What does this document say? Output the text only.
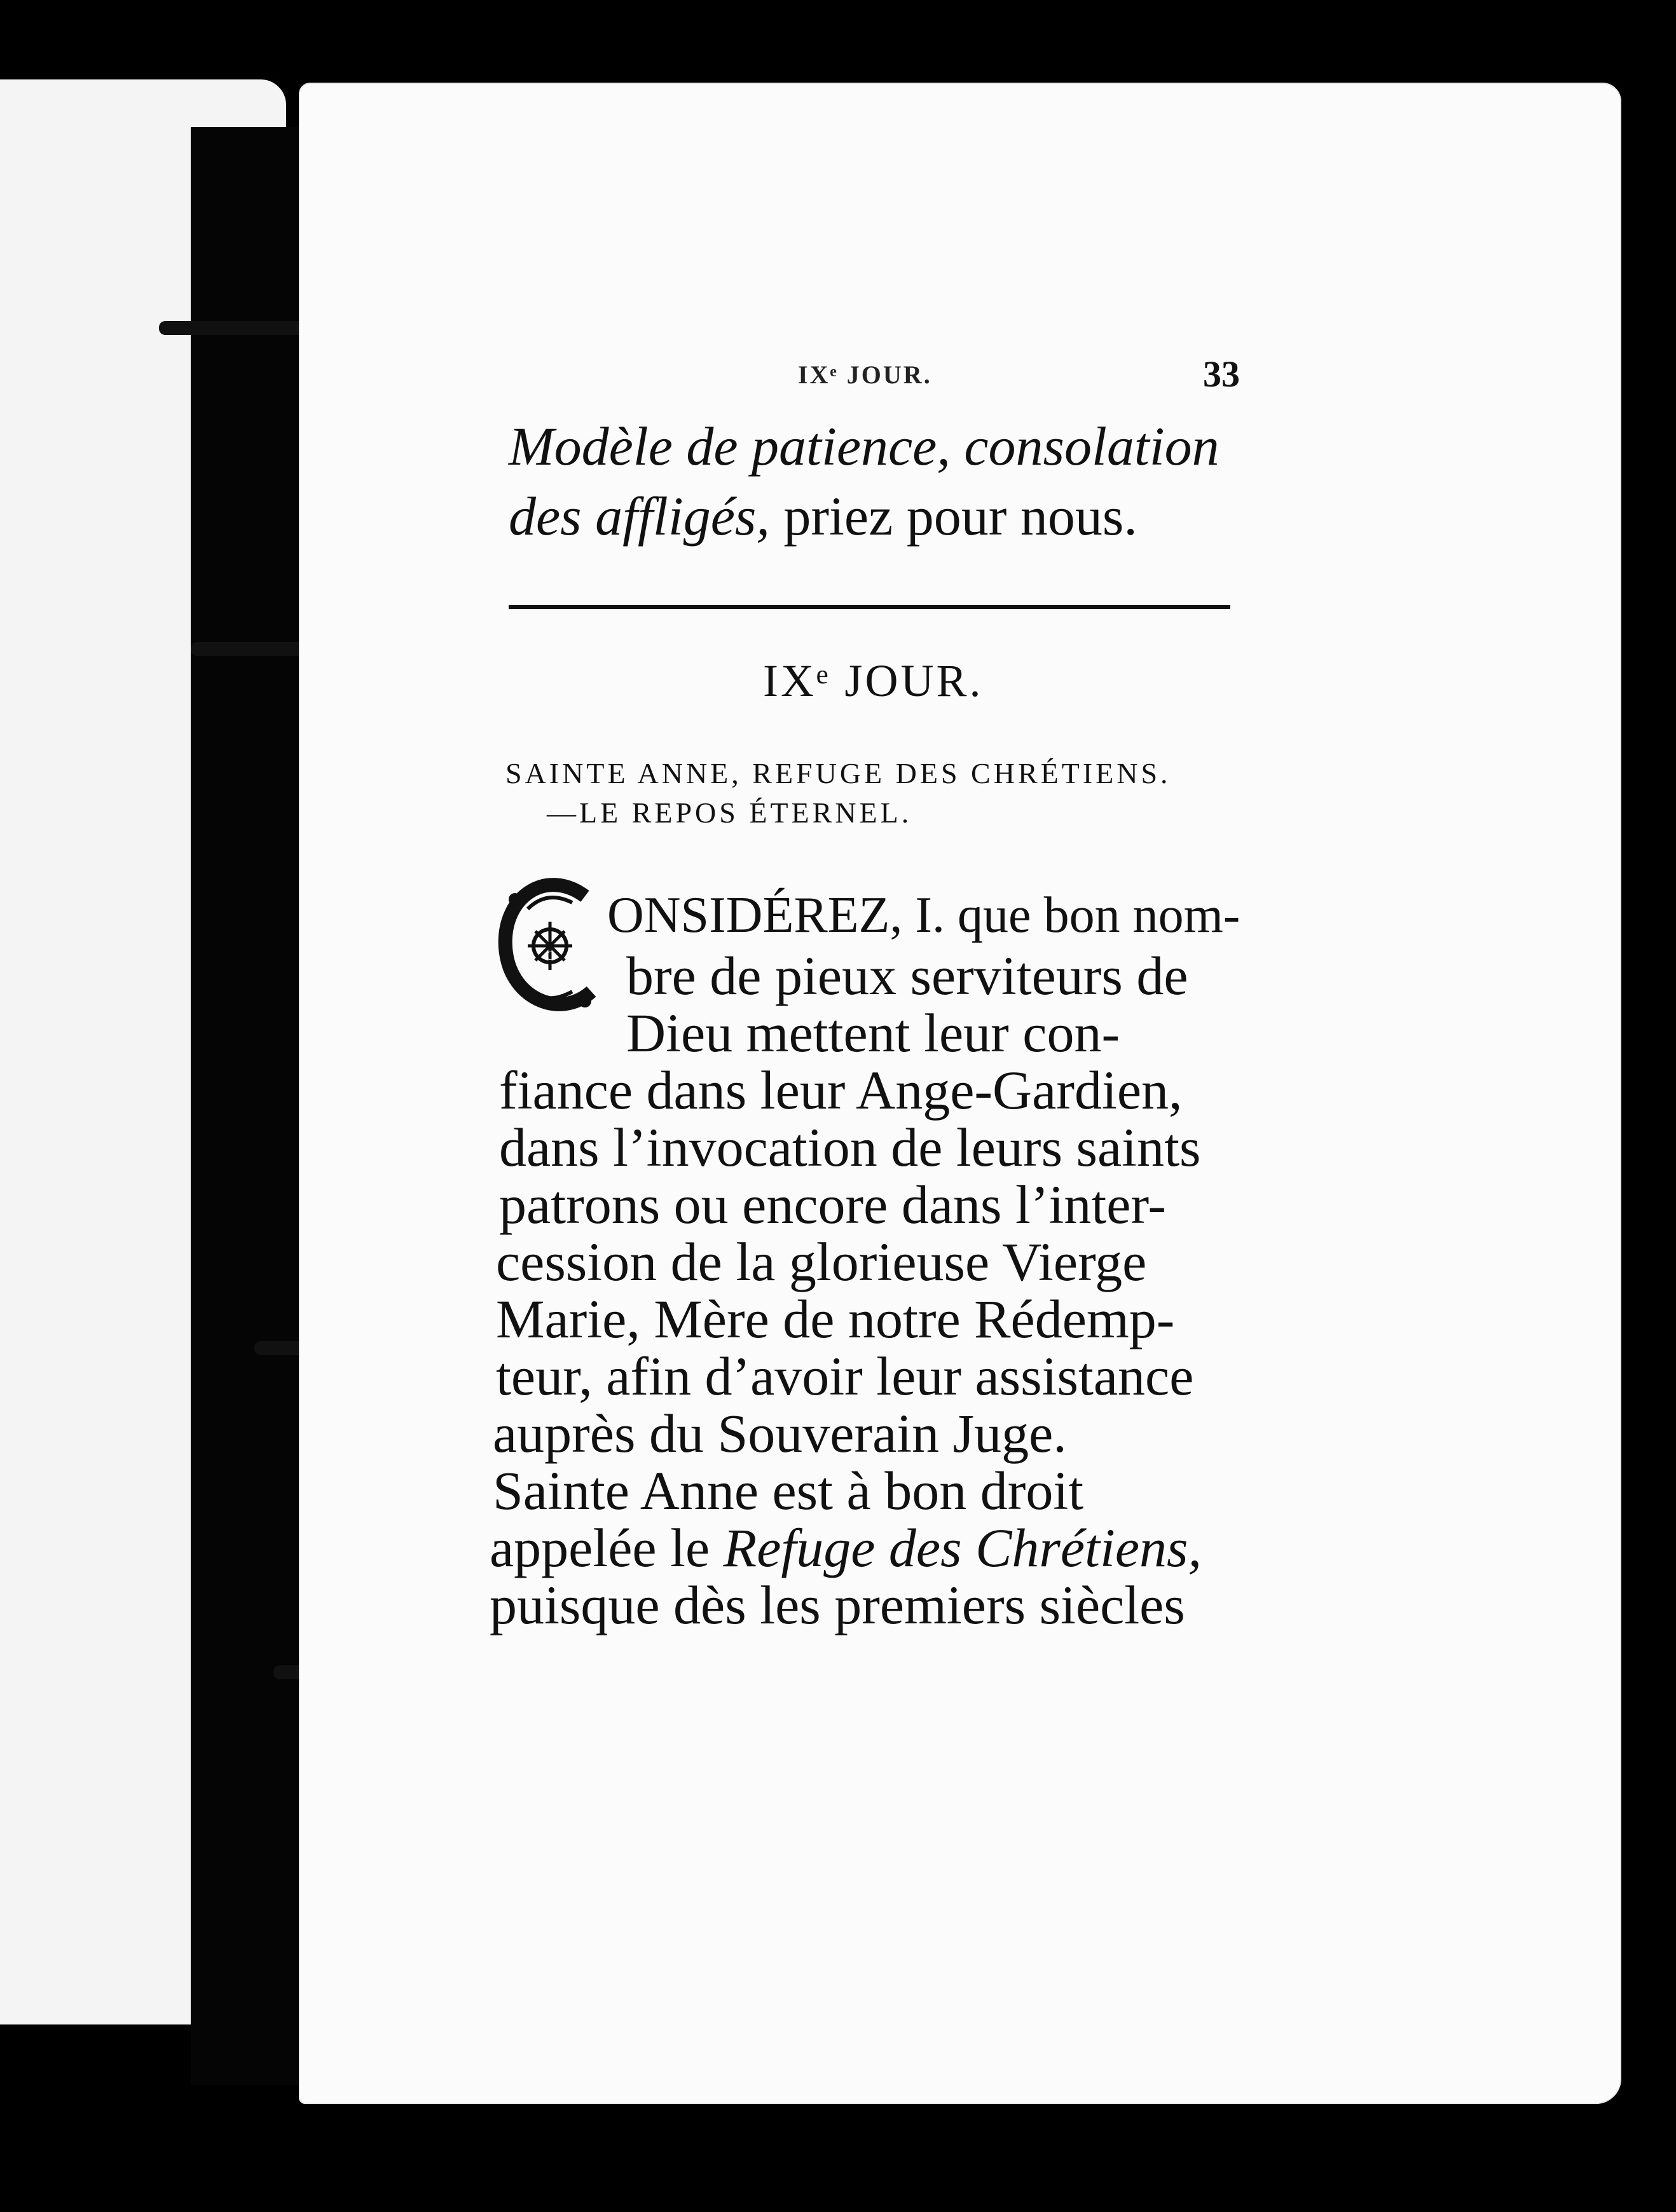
IXᵉ JOUR.	33
Modèle de patience, consolation
des affligés, priez pour nous.
IXᵉ JOUR.
SAINTE ANNE, REFUGE DES CHRÉTIENS.
—LE REPOS ÉTERNEL.
C
ONSIDÉREZ, I. que bon nom-
bre de pieux serviteurs de
Dieu mettent leur con-
fiance dans leur Ange-Gardien,
dans l’invocation de leurs saints
patrons ou encore dans l’inter-
cession de la glorieuse Vierge
Marie, Mère de notre Rédemp-
teur, afin d’avoir leur assistance
auprès du Souverain Juge.
Sainte Anne est à bon droit
appelée le Refuge des Chrétiens,
puisque dès les premiers siècles
